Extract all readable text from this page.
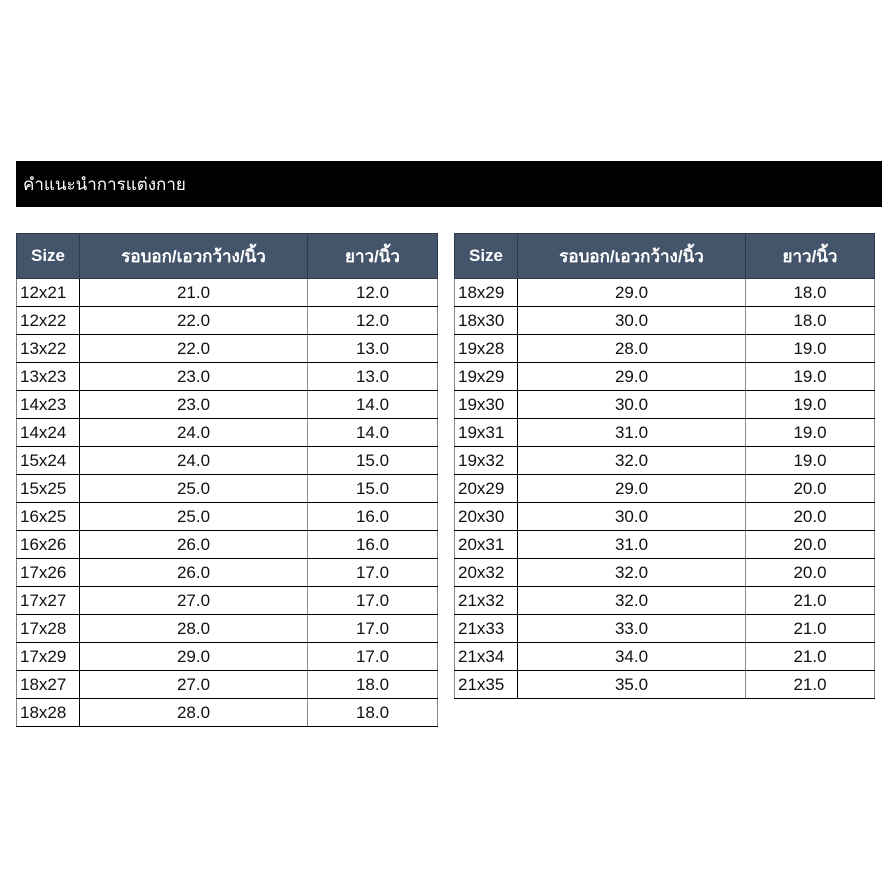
คำแนะนำการแต่งกาย
Size	รอบอก/เอวกว้าง/นิ้ว	ยาว/นิ้ว
12x21	21.0	12.0
12x22	22.0	12.0
13x22	22.0	13.0
13x23	23.0	13.0
14x23	23.0	14.0
14x24	24.0	14.0
15x24	24.0	15.0
15x25	25.0	15.0
16x25	25.0	16.0
16x26	26.0	16.0
17x26	26.0	17.0
17x27	27.0	17.0
17x28	28.0	17.0
17x29	29.0	17.0
18x27	27.0	18.0
18x28	28.0	18.0
Size	รอบอก/เอวกว้าง/นิ้ว	ยาว/นิ้ว
18x29	29.0	18.0
18x30	30.0	18.0
19x28	28.0	19.0
19x29	29.0	19.0
19x30	30.0	19.0
19x31	31.0	19.0
19x32	32.0	19.0
20x29	29.0	20.0
20x30	30.0	20.0
20x31	31.0	20.0
20x32	32.0	20.0
21x32	32.0	21.0
21x33	33.0	21.0
21x34	34.0	21.0
21x35	35.0	21.0
